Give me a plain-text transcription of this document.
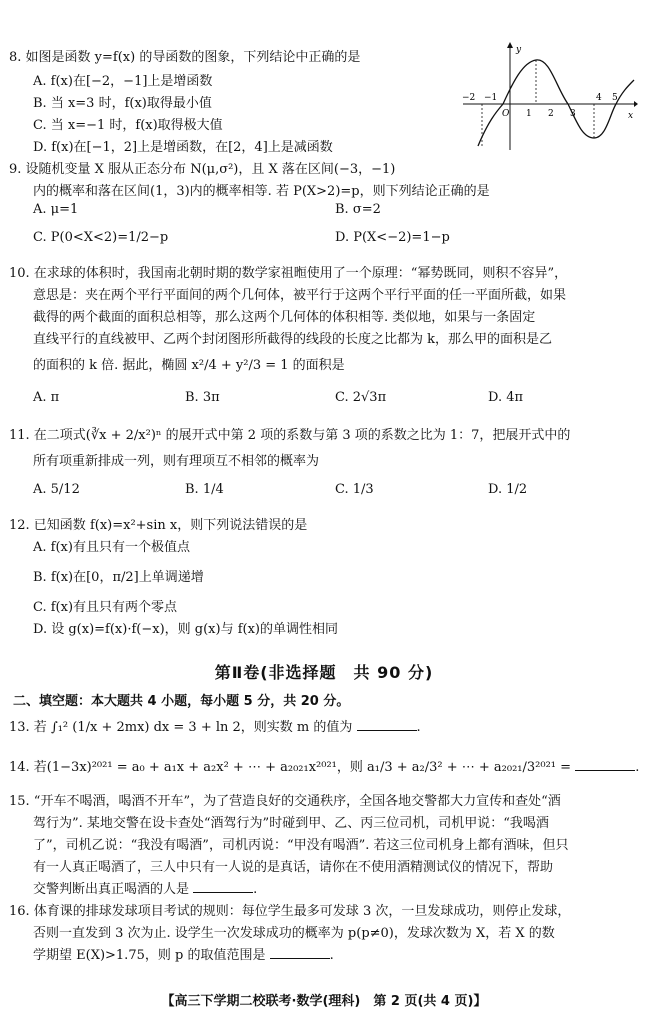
8. 如图是函数 y=f(x) 的导函数的图象，下列结论中正确的是
A. f(x)在[−2，−1]上是增函数
B. 当 x=3 时，f(x)取得最小值
C. 当 x=−1 时，f(x)取得极大值
D. f(x)在[−1，2]上是增函数，在[2，4]上是减函数
y
x
O
−2 −1
1 2 3
4 5
9. 设随机变量 X 服从正态分布 N(μ,σ²)，且 X 落在区间(−3，−1)
内的概率和落在区间(1，3)内的概率相等. 若 P(X>2)=p，则下列结论正确的是
A. μ=1	B. σ=2
C. P(0<X<2)=1/2−p	D. P(X<−2)=1−p
10. 在求球的体积时，我国南北朝时期的数学家祖暅使用了一个原理：“幂势既同，则积不容异”，
意思是：夹在两个平行平面间的两个几何体，被平行于这两个平行平面的任一平面所截，如果
截得的两个截面的面积总相等，那么这两个几何体的体积相等. 类似地，如果与一条固定
直线平行的直线被甲、乙两个封闭图形所截得的线段的长度之比都为 k，那么甲的面积是乙
的面积的 k 倍. 据此，椭圆 x²/4 + y²/3 = 1 的面积是
A. π	B. 3π	C. 2√3π	D. 4π
11. 在二项式(∛x + 2/x²)ⁿ 的展开式中第 2 项的系数与第 3 项的系数之比为 1：7，把展开式中的
所有项重新排成一列，则有理项互不相邻的概率为
A. 5/12	B. 1/4	C. 1/3	D. 1/2
12. 已知函数 f(x)=x²+sin x，则下列说法错误的是
A. f(x)有且只有一个极值点
B. f(x)在[0，π/2]上单调递增
C. f(x)有且只有两个零点
D. 设 g(x)=f(x)·f(−x)，则 g(x)与 f(x)的单调性相同
第Ⅱ卷(非选择题　共 90 分)
二、填空题：本大题共 4 小题，每小题 5 分，共 20 分。
13. 若 ∫₁² (1/x + 2mx) dx = 3 + ln 2，则实数 m 的值为	.
14. 若(1−3x)²⁰²¹ = a₀ + a₁x + a₂x² + ⋯ + a₂₀₂₁x²⁰²¹，则 a₁/3 + a₂/3² + ⋯ + a₂₀₂₁/3²⁰²¹ =	.
15. “开车不喝酒，喝酒不开车”，为了营造良好的交通秩序，全国各地交警都大力宣传和查处“酒
驾行为”. 某地交警在设卡查处“酒驾行为”时碰到甲、乙、丙三位司机，司机甲说：“我喝酒
了”，司机乙说：“我没有喝酒”，司机丙说：“甲没有喝酒”. 若这三位司机身上都有酒味，但只
有一人真正喝酒了，三人中只有一人说的是真话，请你在不使用酒精测试仪的情况下，帮助
交警判断出真正喝酒的人是	.
16. 体育课的排球发球项目考试的规则：每位学生最多可发球 3 次，一旦发球成功，则停止发球，
否则一直发到 3 次为止. 设学生一次发球成功的概率为 p(p≠0)，发球次数为 X，若 X 的数
学期望 E(X)>1.75，则 p 的取值范围是	.
【高三下学期二校联考·数学(理科)　第 2 页(共 4 页)】
